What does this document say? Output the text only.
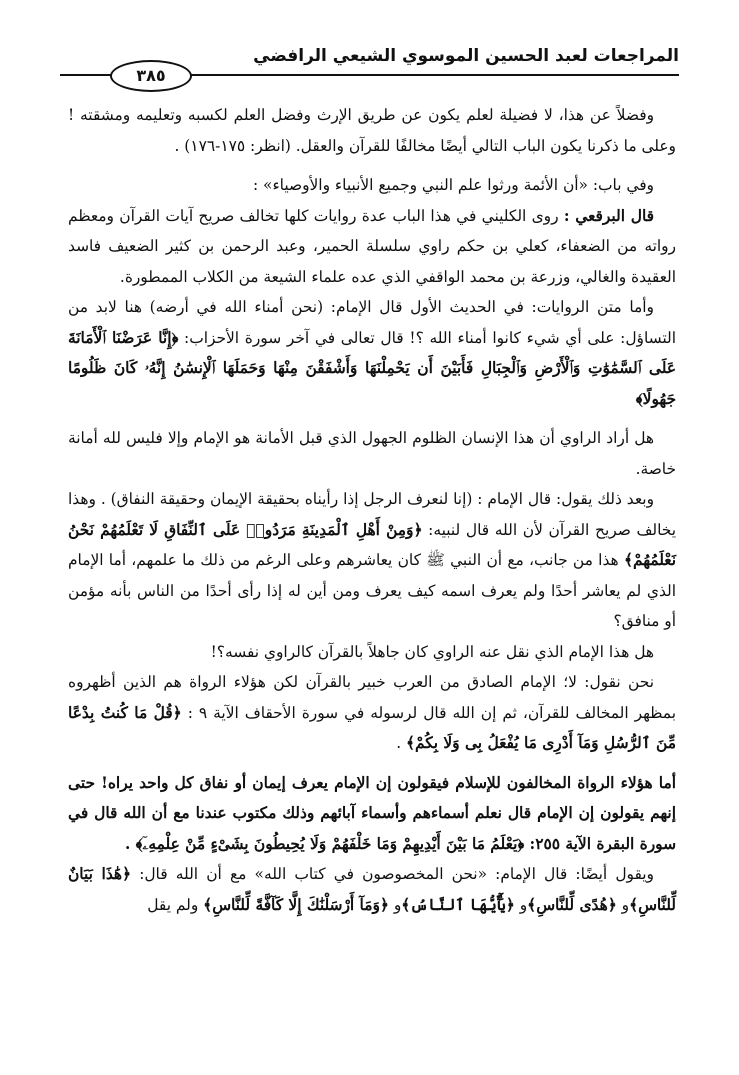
المراجعات لعبد الحسين الموسوي الشيعي الرافضي
٣٨٥

وفضلاً عن هذا، لا فضيلة لعلم يكون عن طريق الإرث وفضل العلم لكسبه وتعليمه ومشقته ! وعلى ما ذكرنا يكون الباب التالي أيضًا مخالفًا للقرآن والعقل. (انظر: ١٧٥-١٧٦) .

وفي باب: «أن الأئمة ورثوا علم النبي وجميع الأنبياء والأوصياء» :

قال البرقعي : روى الكليني في هذا الباب عدة روايات كلها تخالف صريح آيات القرآن ومعظم رواته من الضعفاء، كعلي بن حكم راوي سلسلة الحمير، وعبد الرحمن بن كثير الضعيف فاسد العقيدة والغالي، وزرعة بن محمد الواقفي الذي عده علماء الشيعة من الكلاب الممطورة.

وأما متن الروايات: في الحديث الأول قال الإمام: (نحن أمناء الله في أرضه) هنا لابد من التساؤل: على أي شيء كانوا أمناء الله ؟! قال تعالى في آخر سورة الأحزاب: ﴿إِنَّا عَرَضْنَا ٱلْأَمَانَةَ عَلَى ٱلسَّمَٰوَٰتِ وَٱلْأَرْضِ وَٱلْجِبَالِ فَأَبَيْنَ أَن يَحْمِلْنَهَا وَأَشْفَقْنَ مِنْهَا وَحَمَلَهَا ٱلْإِنسَٰنُ إِنَّهُۥ كَانَ ظَلُومًا جَهُولًا﴾

هل أراد الراوي أن هذا الإنسان الظلوم الجهول الذي قبل الأمانة هو الإمام وإلا فليس لله أمانة خاصة.

وبعد ذلك يقول: قال الإمام : (إنا لنعرف الرجل إذا رأيناه بحقيقة الإيمان وحقيقة النفاق) . وهذا يخالف صريح القرآن لأن الله قال لنبيه: ﴿وَمِنْ أَهْلِ ٱلْمَدِينَةِ مَرَدُوا۟ عَلَى ٱلنِّفَاقِ لَا تَعْلَمُهُمْ نَحْنُ نَعْلَمُهُمْ﴾ هذا من جانب، مع أن النبي ﷺ كان يعاشرهم وعلى الرغم من ذلك ما علمهم، أما الإمام الذي لم يعاشر أحدًا ولم يعرف اسمه كيف يعرف ومن أين له إذا رأى أحدًا من الناس بأنه مؤمن أو منافق؟

هل هذا الإمام الذي نقل عنه الراوي كان جاهلاً بالقرآن كالراوي نفسه؟!

نحن نقول: لا؛ الإمام الصادق من العرب خبير بالقرآن لكن هؤلاء الرواة هم الذين أظهروه بمظهر المخالف للقرآن، ثم إن الله قال لرسوله في سورة الأحقاف الآية ٩ : ﴿قُلْ مَا كُنتُ بِدْعًا مِّنَ ٱلرُّسُلِ وَمَآ أَدْرِى مَا يُفْعَلُ بِى وَلَا بِكُمْ﴾ .

أما هؤلاء الرواة المخالفون للإسلام فيقولون إن الإمام يعرف إيمان أو نفاق كل واحد يراه! حتى إنهم يقولون إن الإمام قال نعلم أسماءهم وأسماء آبائهم وذلك مكتوب عندنا مع أن الله قال في سورة البقرة الآية ٢٥٥: ﴿يَعْلَمُ مَا بَيْنَ أَيْدِيهِمْ وَمَا خَلْفَهُمْ وَلَا يُحِيطُونَ بِشَىْءٍ مِّنْ عِلْمِهِۦٓ﴾ .

ويقول أيضًا: قال الإمام: «نحن المخصوصون في كتاب الله» مع أن الله قال: ﴿هَٰذَا بَيَانٌ لِّلنَّاسِ﴾و ﴿هُدًى لِّلنَّاسِ﴾و ﴿يَٰٓأَيُّهَا ٱلنَّاسُ﴾و ﴿وَمَآ أَرْسَلْنَٰكَ إِلَّا كَآفَّةً لِّلنَّاسِ﴾ ولم يقل
